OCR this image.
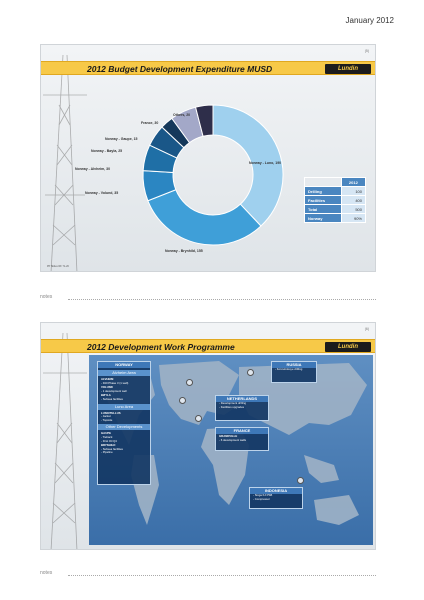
January 2012
(5)
2012 Budget Development Expenditure MUSD	Lundin
Norway - Luno, 190
Norway - Brynhild, 155
Norway - Volund, 35
Norway - Alvheim, 30
Norway - Bøyla, 25
Norway - Gaupe, 15
France, 30
Others, 20
	2012
Drilling	100
Facilities	400
Total	500
Norway	90%
PP Slides RF 71-20
notes
(6)
2012 Development Work Programme	Lundin
NORWAY
Alvheim Area
ALVHEIM
- Drill Phase 3 (1 well)
VOLUND
- 1 development well
BØYLA
- Subsea facilities
Luno Area
LUNO/TELLUS
- Jacket
- Topside
Other Developments
GAUPE
- Tieback
- First Oil Q4
BRYNHILD
- Subsea facilities
- Pipeline
RUSSIA
- Korovinskoye drilling
NETHERLANDS
- Development drilling
- Facilities upgrades
FRANCE
GRANDVILLE
- 6 development wells
INDONESIA
- Singa KJ PSB
- Compressor
notes
